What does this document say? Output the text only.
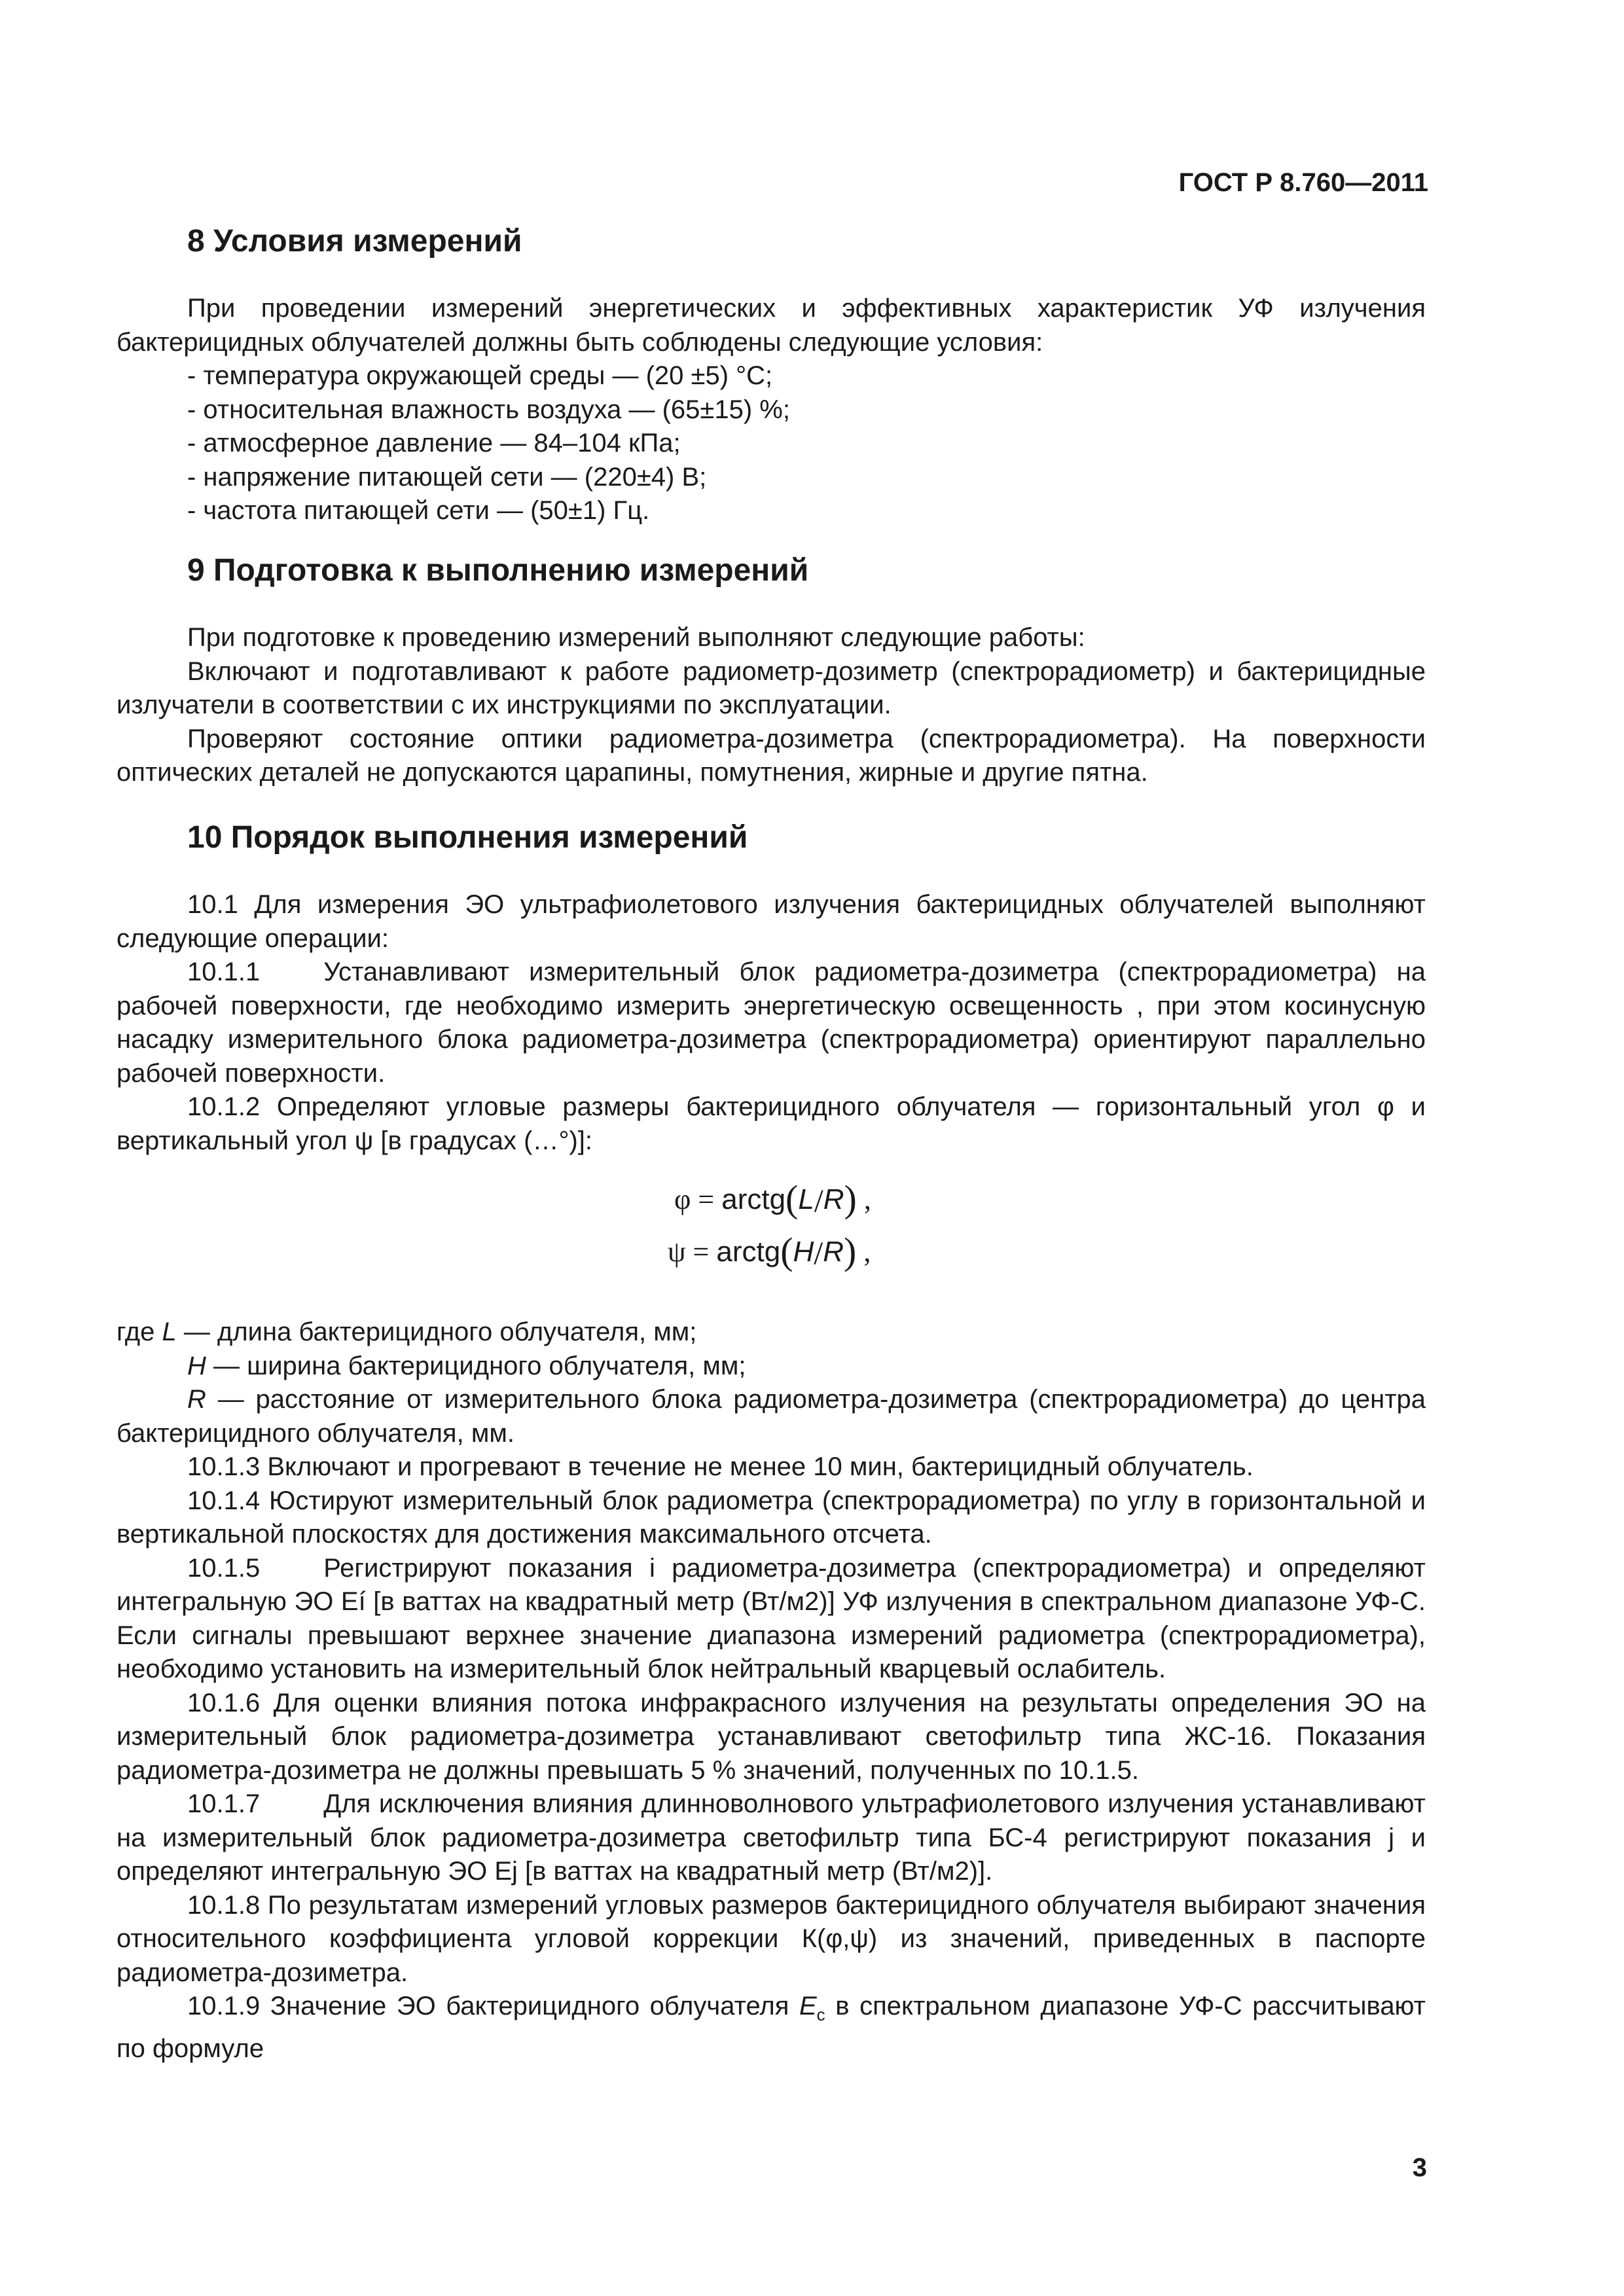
ГОСТ Р 8.760—2011
8 Условия измерений

При проведении измерений энергетических и эффективных характеристик УФ излучения бактерицидных облучателей должны быть соблюдены следующие условия:

- температура окружающей среды — (20 ±5) °С;

- относительная влажность воздуха — (65±15) %;

- атмосферное давление — 84–104 кПа;

- напряжение питающей сети — (220±4) В;

- частота питающей сети — (50±1) Гц.

9 Подготовка к выполнению измерений

При подготовке к проведению измерений выполняют следующие работы:

Включают и подготавливают к работе радиометр-дозиметр (спектрорадиометр) и бактерицидные излучатели в соответствии с их инструкциями по эксплуатации.

Проверяют состояние оптики радиометра-дозиметра (спектрорадиометра). На поверхности оптических деталей не допускаются царапины, помутнения, жирные и другие пятна.

10 Порядок выполнения измерений

10.1 Для измерения ЭО ультрафиолетового излучения бактерицидных облучателей выполняют следующие операции:

10.1.1 Устанавливают измерительный блок радиометра-дозиметра (спектрорадиометра) на рабочей поверхности, где необходимо измерить энергетическую освещенность , при этом косинусную насадку измерительного блока радиометра-дозиметра (спектрорадиометра) ориентируют параллельно рабочей поверхности.

10.1.2 Определяют угловые размеры бактерицидного облучателя — горизонтальный угол φ и вертикальный угол ψ [в градусах (…°)]:

φ = arctg(L/R) ,
ψ = arctg(H/R) ,

где L — длина бактерицидного облучателя, мм;

H — ширина бактерицидного облучателя, мм;

R — расстояние от измерительного блока радиометра-дозиметра (спектрорадиометра) до центра бактерицидного облучателя, мм.

10.1.3 Включают и прогревают в течение не менее 10 мин, бактерицидный облучатель.

10.1.4 Юстируют измерительный блок радиометра (спектрорадиометра) по углу в горизонтальной и вертикальной плоскостях для достижения максимального отсчета.

10.1.5 Регистрируют показания i радиометра-дозиметра (спектрорадиометра) и определяют интегральную ЭО Eí [в ваттах на квадратный метр (Вт/м2)] УФ излучения в спектральном диапазоне УФ-С. Если сигналы превышают верхнее значение диапазона измерений радиометра (спектрорадиометра), необходимо установить на измерительный блок нейтральный кварцевый ослабитель.

10.1.6 Для оценки влияния потока инфракрасного излучения на результаты определения ЭО на измерительный блок радиометра-дозиметра устанавливают светофильтр типа ЖС-16. Показания радиометра-дозиметра не должны превышать 5 % значений, полученных по 10.1.5.

10.1.7 Для исключения влияния длинноволнового ультрафиолетового излучения устанавливают на измерительный блок радиометра-дозиметра светофильтр типа БС-4 регистрируют показания j и определяют интегральную ЭО Ej [в ваттах на квадратный метр (Вт/м2)].

10.1.8 По результатам измерений угловых размеров бактерицидного облучателя выбирают значения относительного коэффициента угловой коррекции К(φ,ψ) из значений, приведенных в паспорте радиометра-дозиметра.

10.1.9 Значение ЭО бактерицидного облучателя $E_c$ в спектральном диапазоне УФ-С рассчитывают по формуле

3
